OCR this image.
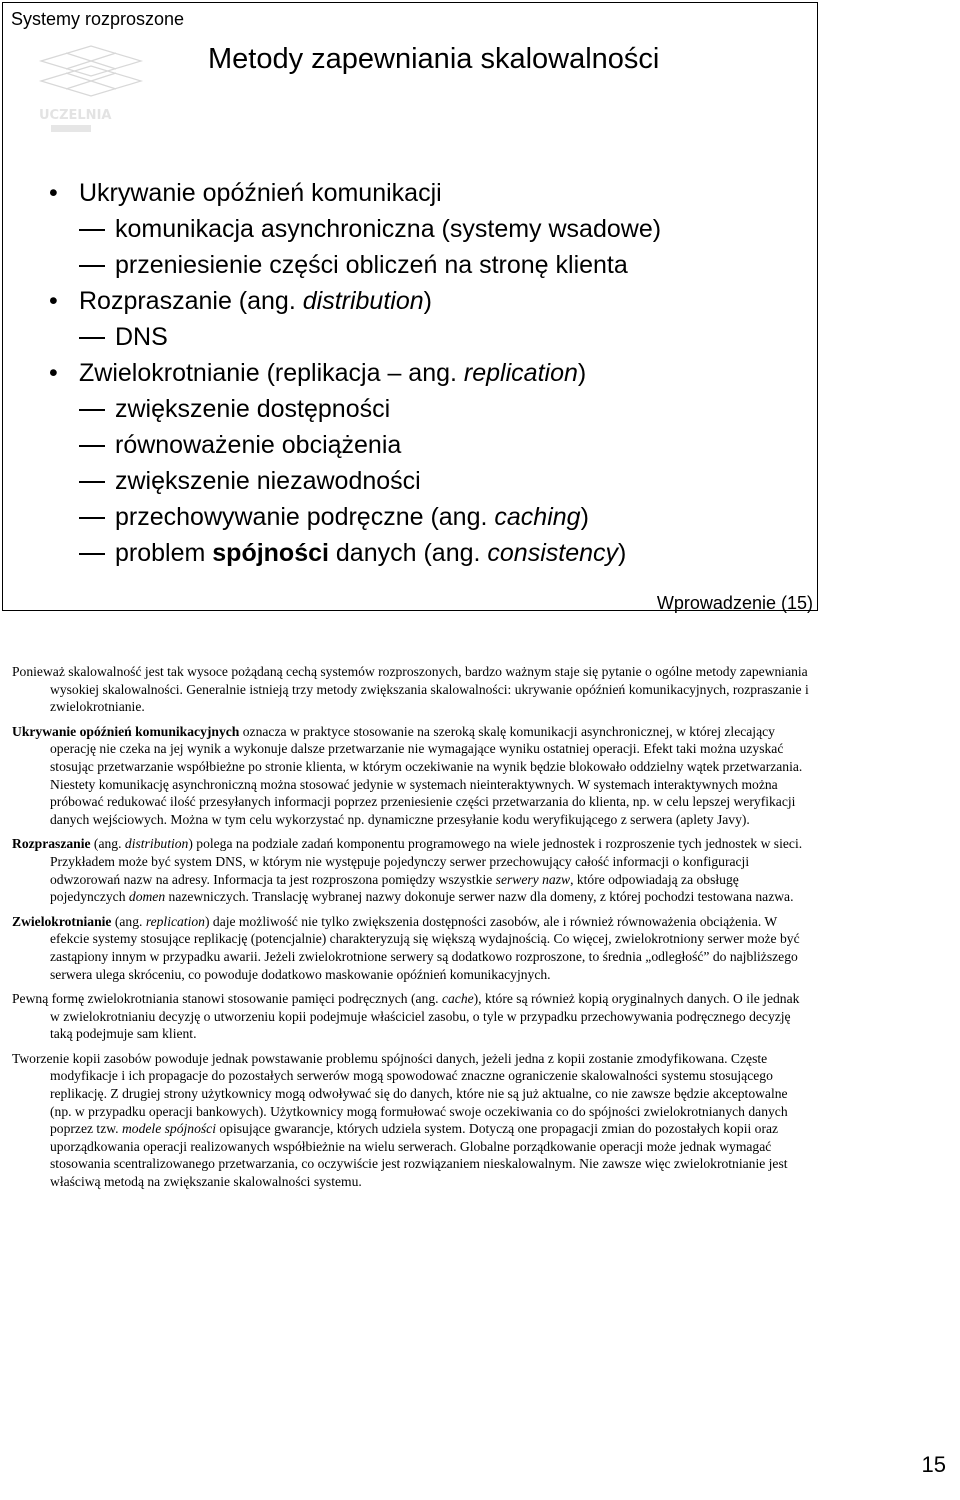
Systemy rozproszone
UCZELNIA
Metody zapewniania skalowalności
• Ukrywanie opóźnień komunikacji
komunikacja asynchroniczna (systemy wsadowe)
przeniesienie części obliczeń na stronę klienta
• Rozpraszanie (ang. distribution)
DNS
• Zwielokrotnianie (replikacja – ang. replication)
zwiększenie dostępności
równoważenie obciążenia
zwiększenie niezawodności
przechowywanie podręczne (ang. caching)
problem spójności danych (ang. consistency)
Wprowadzenie (15)

Ponieważ skalowalność jest tak wysoce pożądaną cechą systemów rozproszonych, bardzo ważnym staje się pytanie o ogólne metody zapewniania wysokiej skalowalności. Generalnie istnieją trzy metody zwiększania skalowalności: ukrywanie opóźnień komunikacyjnych, rozpraszanie i zwielokrotnianie.

Ukrywanie opóźnień komunikacyjnych oznacza w praktyce stosowanie na szeroką skalę komunikacji asynchronicznej, w której zlecający operację nie czeka na jej wynik a wykonuje dalsze przetwarzanie nie wymagające wyniku ostatniej operacji. Efekt taki można uzyskać stosując przetwarzanie współbieżne po stronie klienta, w którym oczekiwanie na wynik będzie blokowało oddzielny wątek przetwarzania. Niestety komunikację asynchroniczną można stosować jedynie w systemach nieinteraktywnych. W systemach interaktywnych można próbować redukować ilość przesyłanych informacji poprzez przeniesienie części przetwarzania do klienta, np. w celu lepszej weryfikacji danych wejściowych. Można w tym celu wykorzystać np. dynamiczne przesyłanie kodu weryfikującego z serwera (aplety Javy).

Rozpraszanie (ang. distribution) polega na podziale zadań komponentu programowego na wiele jednostek i rozproszenie tych jednostek w sieci. Przykładem może być system DNS, w którym nie występuje pojedynczy serwer przechowujący całość informacji o konfiguracji odwzorowań nazw na adresy. Informacja ta jest rozproszona pomiędzy wszystkie serwery nazw, które odpowiadają za obsługę pojedynczych domen nazewniczych. Translację wybranej nazwy dokonuje serwer nazw dla domeny, z której pochodzi testowana nazwa.

Zwielokrotnianie (ang. replication) daje możliwość nie tylko zwiększenia dostępności zasobów, ale i również równoważenia obciążenia. W efekcie systemy stosujące replikację (potencjalnie) charakteryzują się większą wydajnością. Co więcej, zwielokrotniony serwer może być zastąpiony innym w przypadku awarii. Jeżeli zwielokrotnione serwery są dodatkowo rozproszone, to średnia „odległość” do najbliższego serwera ulega skróceniu, co powoduje dodatkowo maskowanie opóźnień komunikacyjnych.

Pewną formę zwielokrotniania stanowi stosowanie pamięci podręcznych (ang. cache), które są również kopią oryginalnych danych. O ile jednak w zwielokrotnianiu decyzję o utworzeniu kopii podejmuje właściciel zasobu, o tyle w przypadku przechowywania podręcznego decyzję taką podejmuje sam klient.

Tworzenie kopii zasobów powoduje jednak powstawanie problemu spójności danych, jeżeli jedna z kopii zostanie zmodyfikowana. Częste modyfikacje i ich propagacje do pozostałych serwerów mogą spowodować znaczne ograniczenie skalowalności systemu stosującego replikację. Z drugiej strony użytkownicy mogą odwoływać się do danych, które nie są już aktualne, co nie zawsze będzie akceptowalne (np. w przypadku operacji bankowych). Użytkownicy mogą formułować swoje oczekiwania co do spójności zwielokrotnianych danych poprzez tzw. modele spójności opisujące gwarancje, których udziela system. Dotyczą one propagacji zmian do pozostałych kopii oraz uporządkowania operacji realizowanych współbieżnie na wielu serwerach. Globalne porządkowanie operacji może jednak wymagać stosowania scentralizowanego przetwarzania, co oczywiście jest rozwiązaniem nieskalowalnym. Nie zawsze więc zwielokrotnianie jest właściwą metodą na zwiększanie skalowalności systemu.

15
